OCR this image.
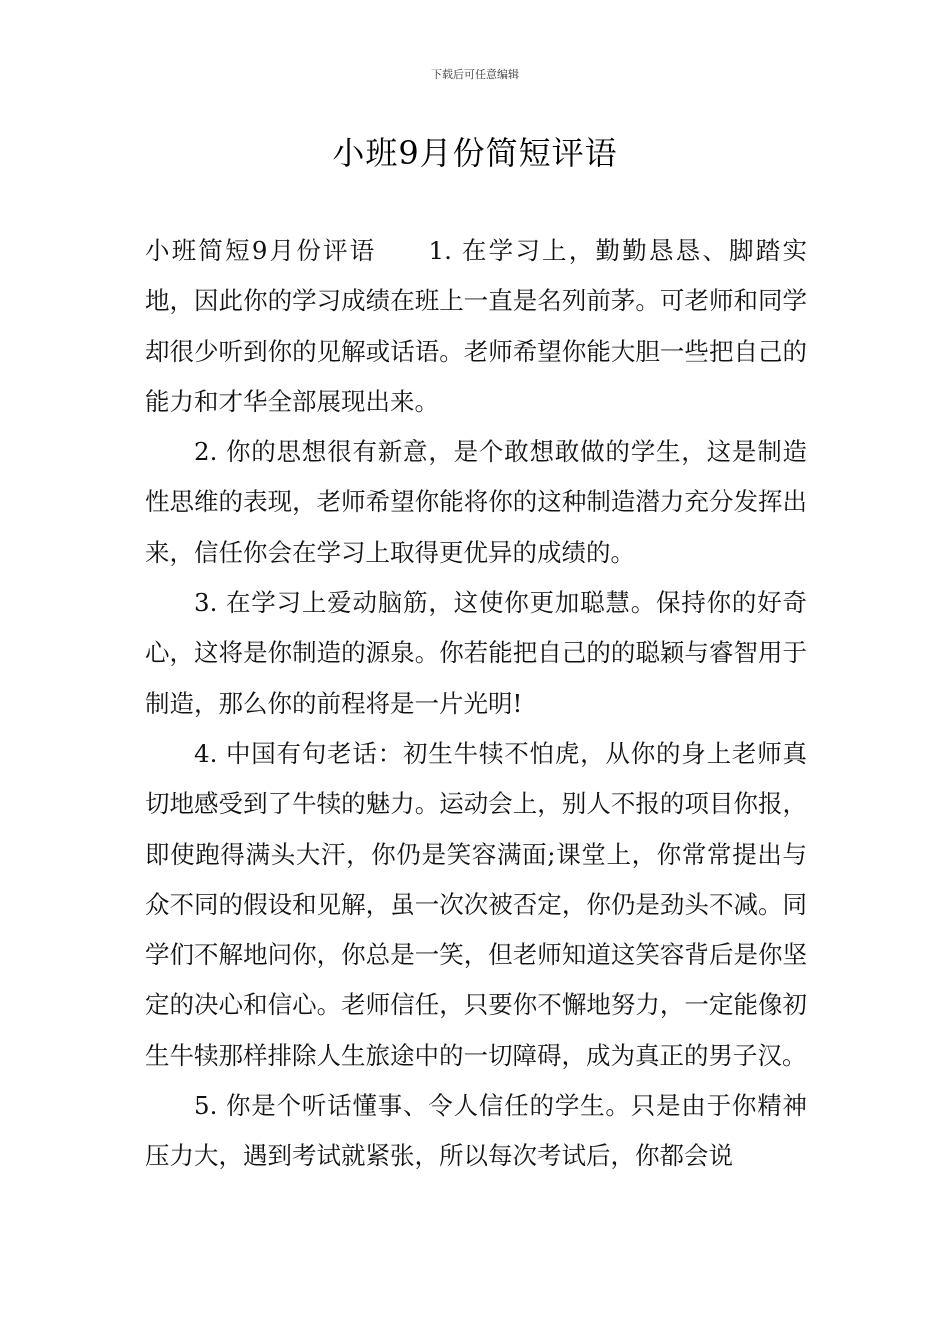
下载后可任意编辑
小班9月份简短评语

小班简短9月份评语 1. 在学习上，勤勤恳恳、脚踏实地，因此你的学习成绩在班上一直是名列前茅。可老师和同学却很少听到你的见解或话语。老师希望你能大胆一些把自己的能力和才华全部展现出来。

2. 你的思想很有新意，是个敢想敢做的学生，这是制造性思维的表现，老师希望你能将你的这种制造潜力充分发挥出来，信任你会在学习上取得更优异的成绩的。

3. 在学习上爱动脑筋，这使你更加聪慧。保持你的好奇心，这将是你制造的源泉。你若能把自己的的聪颖与睿智用于制造，那么你的前程将是一片光明!

4. 中国有句老话：初生牛犊不怕虎，从你的身上老师真切地感受到了牛犊的魅力。运动会上，别人不报的项目你报，即使跑得满头大汗，你仍是笑容满面;课堂上，你常常提出与众不同的假设和见解，虽一次次被否定，你仍是劲头不减。同学们不解地问你，你总是一笑，但老师知道这笑容背后是你坚定的决心和信心。老师信任，只要你不懈地努力，一定能像初生牛犊那样排除人生旅途中的一切障碍，成为真正的男子汉。

5. 你是个听话懂事、令人信任的学生。只是由于你精神压力大，遇到考试就紧张，所以每次考试后，你都会说
